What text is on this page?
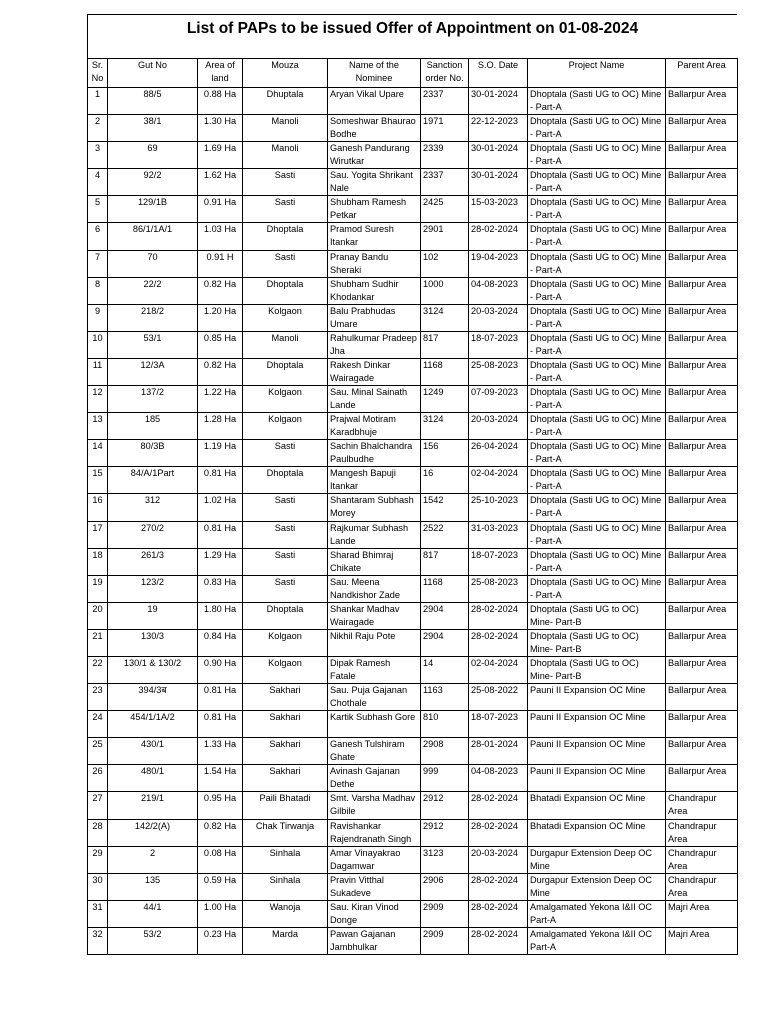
List of PAPs to be issued Offer of Appointment on 01-08-2024
Sr. No	Gut No	Area of land	Mouza	Name of the Nominee	Sanction order No.	S.O. Date	Project Name	Parent Area
1	88/5	0.88 Ha	Dhuptala	Aryan Vikal Upare	2337	30-01-2024	Dhoptala (Sasti UG to OC) Mine - Part-A	Ballarpur Area
2	38/1	1.30 Ha	Manoli	Someshwar Bhaurao Bodhe	1971	22-12-2023	Dhoptala (Sasti UG to OC) Mine - Part-A	Ballarpur Area
3	69	1.69 Ha	Manoli	Ganesh Pandurang Wirutkar	2339	30-01-2024	Dhoptala (Sasti UG to OC) Mine - Part-A	Ballarpur Area
4	92/2	1.62 Ha	Sasti	Sau. Yogita Shrikant Nale	2337	30-01-2024	Dhoptala (Sasti UG to OC) Mine - Part-A	Ballarpur Area
5	129/1B	0.91 Ha	Sasti	Shubham Ramesh Petkar	2425	15-03-2023	Dhoptala (Sasti UG to OC) Mine - Part-A	Ballarpur Area
6	86/1/1A/1	1.03 Ha	Dhoptala	Pramod Suresh Itankar	2901	28-02-2024	Dhoptala (Sasti UG to OC) Mine - Part-A	Ballarpur Area
7	70	0.91 H	Sasti	Pranay Bandu Sheraki	102	19-04-2023	Dhoptala (Sasti UG to OC) Mine - Part-A	Ballarpur Area
8	22/2	0.82 Ha	Dhoptala	Shubham Sudhir Khodankar	1000	04-08-2023	Dhoptala (Sasti UG to OC) Mine - Part-A	Ballarpur Area
9	218/2	1.20 Ha	Kolgaon	Balu Prabhudas Umare	3124	20-03-2024	Dhoptala (Sasti UG to OC) Mine - Part-A	Ballarpur Area
10	53/1	0.85 Ha	Manoli	Rahulkumar Pradeep Jha	817	18-07-2023	Dhoptala (Sasti UG to OC) Mine - Part-A	Ballarpur Area
11	12/3A	0.82 Ha	Dhoptala	Rakesh Dinkar Wairagade	1168	25-08-2023	Dhoptala (Sasti UG to OC) Mine - Part-A	Ballarpur Area
12	137/2	1.22 Ha	Kolgaon	Sau. Minal Sainath Lande	1249	07-09-2023	Dhoptala (Sasti UG to OC) Mine - Part-A	Ballarpur Area
13	185	1.28 Ha	Kolgaon	Prajwal Motiram Karadbhuje	3124	20-03-2024	Dhoptala (Sasti UG to OC) Mine - Part-A	Ballarpur Area
14	80/3B	1.19 Ha	Sasti	Sachin Bhalchandra Paulbudhe	156	26-04-2024	Dhoptala (Sasti UG to OC) Mine - Part-A	Ballarpur Area
15	84/A/1Part	0.81 Ha	Dhoptala	Mangesh Bapuji Itankar	16	02-04-2024	Dhoptala (Sasti UG to OC) Mine - Part-A	Ballarpur Area
16	312	1.02 Ha	Sasti	Shantaram Subhash Morey	1542	25-10-2023	Dhoptala (Sasti UG to OC) Mine - Part-A	Ballarpur Area
17	270/2	0.81 Ha	Sasti	Rajkumar Subhash Lande	2522	31-03-2023	Dhoptala (Sasti UG to OC) Mine - Part-A	Ballarpur Area
18	261/3	1.29 Ha	Sasti	Sharad Bhimraj Chikate	817	18-07-2023	Dhoptala (Sasti UG to OC) Mine - Part-A	Ballarpur Area
19	123/2	0.83 Ha	Sasti	Sau. Meena Nandkishor Zade	1168	25-08-2023	Dhoptala (Sasti UG to OC) Mine - Part-A	Ballarpur Area
20	19	1.80 Ha	Dhoptala	Shankar Madhav Wairagade	2904	28-02-2024	Dhoptala (Sasti UG to OC) Mine- Part-B	Ballarpur Area
21	130/3	0.84 Ha	Kolgaon	Nikhil Raju Pote	2904	28-02-2024	Dhoptala (Sasti UG to OC) Mine- Part-B	Ballarpur Area
22	130/1 & 130/2	0.90 Ha	Kolgaon	Dipak Ramesh Fatale	14	02-04-2024	Dhoptala (Sasti UG to OC) Mine- Part-B	Ballarpur Area
23	394/3ब	0.81 Ha	Sakhari	Sau. Puja Gajanan Chothale	1163	25-08-2022	Pauni II Expansion OC Mine	Ballarpur Area
24	454/1/1A/2	0.81 Ha	Sakhari	Kartik Subhash Gore	810	18-07-2023	Pauni II Expansion OC Mine	Ballarpur Area
25	430/1	1.33 Ha	Sakhari	Ganesh Tulshiram Ghate	2908	28-01-2024	Pauni II Expansion OC Mine	Ballarpur Area
26	480/1	1.54 Ha	Sakhari	Avinash Gajanan Dethe	999	04-08-2023	Pauni II Expansion OC Mine	Ballarpur Area
27	219/1	0.95 Ha	Paili Bhatadi	Smt. Varsha Madhav Gilbile	2912	28-02-2024	Bhatadi Expansion OC Mine	Chandrapur Area
28	142/2(A)	0.82 Ha	Chak Tirwanja	Ravishankar Rajendranath Singh	2912	28-02-2024	Bhatadi Expansion OC Mine	Chandrapur Area
29	2	0.08 Ha	Sinhala	Amar Vinayakrao Dagamwar	3123	20-03-2024	Durgapur Extension Deep OC Mine	Chandrapur Area
30	135	0.59 Ha	Sinhala	Pravin Vitthal Sukadeve	2906	28-02-2024	Durgapur Extension Deep OC Mine	Chandrapur Area
31	44/1	1.00 Ha	Wanoja	Sau. Kiran Vinod Donge	2909	28-02-2024	Amalgamated Yekona I&II OC Part-A	Majri Area
32	53/2	0.23 Ha	Marda	Pawan Gajanan Jambhulkar	2909	28-02-2024	Amalgamated Yekona I&II OC Part-A	Majri Area
